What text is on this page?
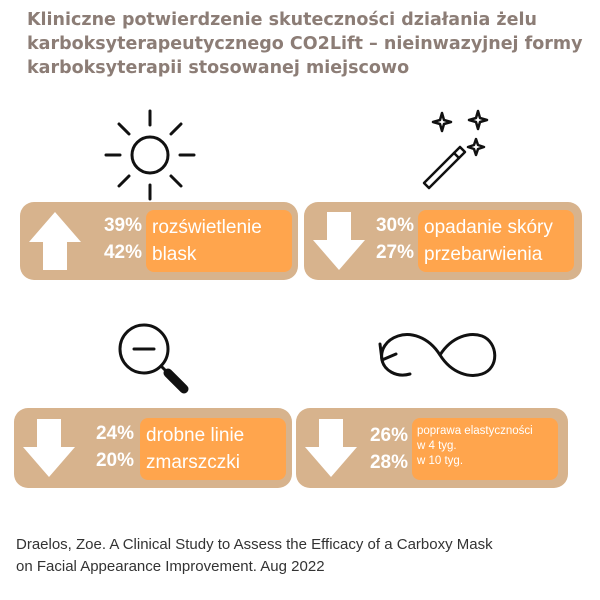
Kliniczne potwierdzenie skuteczności działania żelu
karboksyterapeutycznego CO2Lift – nieinwazyjnej formy
karboksyterapii stosowanej miejscowo
39%
42%
rozświetlenie
blask
30%
27%
opadanie skóry
przebarwienia
24%
20%
drobne linie
zmarszczki
26%
28%
poprawa elastyczności
w 4 tyg.
w 10 tyg.
Draelos, Zoe. A Clinical Study to Assess the Efficacy of a Carboxy Mask
on Facial Appearance Improvement. Aug 2022
